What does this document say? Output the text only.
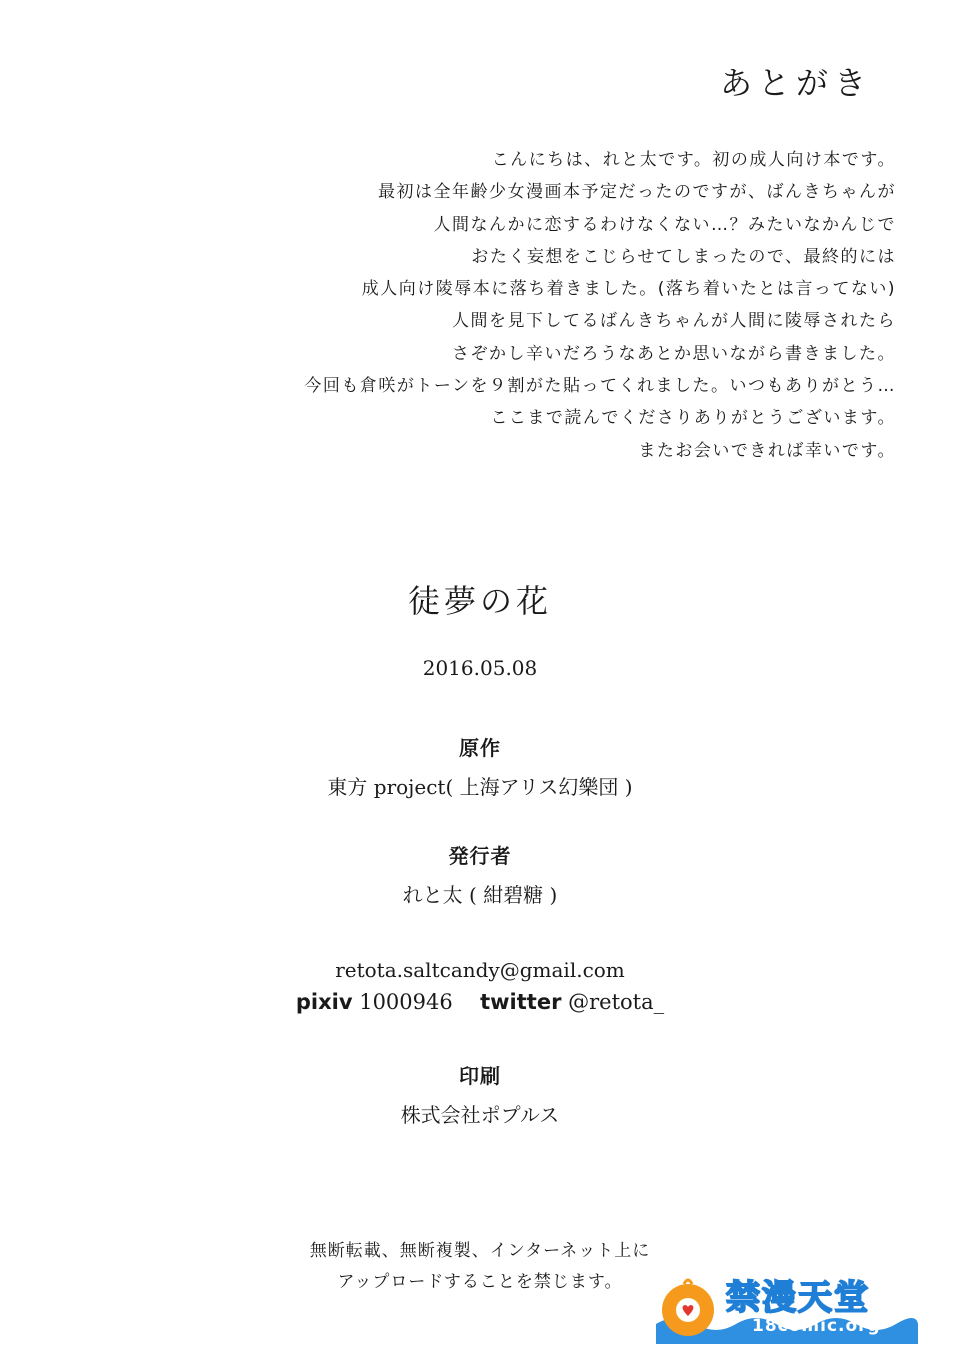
あとがき
こんにちは、れと太です。初の成人向け本です。
最初は全年齢少女漫画本予定だったのですが、ばんきちゃんが
人間なんかに恋するわけなくない…？みたいなかんじで
おたく妄想をこじらせてしまったので、最終的には
成人向け陵辱本に落ち着きました。(落ち着いたとは言ってない)
人間を見下してるばんきちゃんが人間に陵辱されたら
さぞかし辛いだろうなあとか思いながら書きました。
今回も倉咲がトーンを９割がた貼ってくれました。いつもありがとう…
ここまで読んでくださりありがとうございます。
またお会いできれば幸いです。
徒夢の花
2016.05.08
原作
東方 project( 上海アリス幻樂団 )
発行者
れと太 ( 紺碧糖 )
retota.saltcandy@gmail.com
pixiv 1000946 twitter @retota_
印刷
株式会社ポプルス
無断転載、無断複製、インターネット上に
アップロードすることを禁じます。	禁漫天堂
18comic.org
